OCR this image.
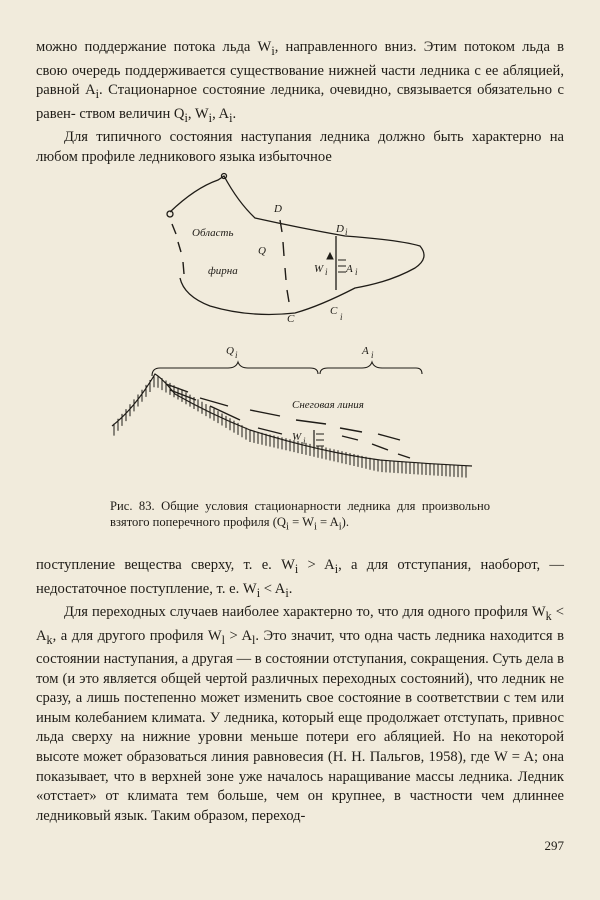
можно поддержание потока льда $W_i$, направленного вниз. Этим потоком льда в свою очередь поддерживается существование нижней части ледника с ее абляцией, равной $A_i$. Стационарное состояние ледника, очевидно, связывается обязательно с равен- ством величин $Q_i$, $W_i$, $A_i$.

Для типичного состояния наступания ледника должно быть характерно на любом профиле ледникового языка избыточное

Область
фирна
D
D i
Q
W i A i
C
C i
Q i	A i
Снеговая линия
W i
Рис. 83. Общие условия стационарности ледника для произвольно взятого поперечного профиля $(Q_i = W_i = A_i)$.

поступление вещества сверху, т. е. $W_i > A_i$, а для отступания, наоборот, — недостаточное поступление, т. е. $W_i < A_i$.

Для переходных случаев наиболее характерно то, что для одного профиля $W_k < A_k$, а для другого профиля $W_l > A_l$. Это значит, что одна часть ледника находится в состоянии наступания, а другая — в состоянии отступания, сокращения. Суть дела в том (и это является общей чертой различных переходных состояний), что ледник не сразу, а лишь постепенно может изменить свое состояние в соответствии с тем или иным колебанием климата. У ледника, который еще продолжает отступать, привнос льда сверху на нижние уровни меньше потери его абляцией. Но на некоторой высоте может образоваться линия равновесия (Н. Н. Пальгов, 1958), где W = A; она показывает, что в верхней зоне уже началось наращивание массы ледника. Ледник «отстает» от климата тем больше, чем он крупнее, в частности чем длиннее ледниковый язык. Таким образом, переход-

297
